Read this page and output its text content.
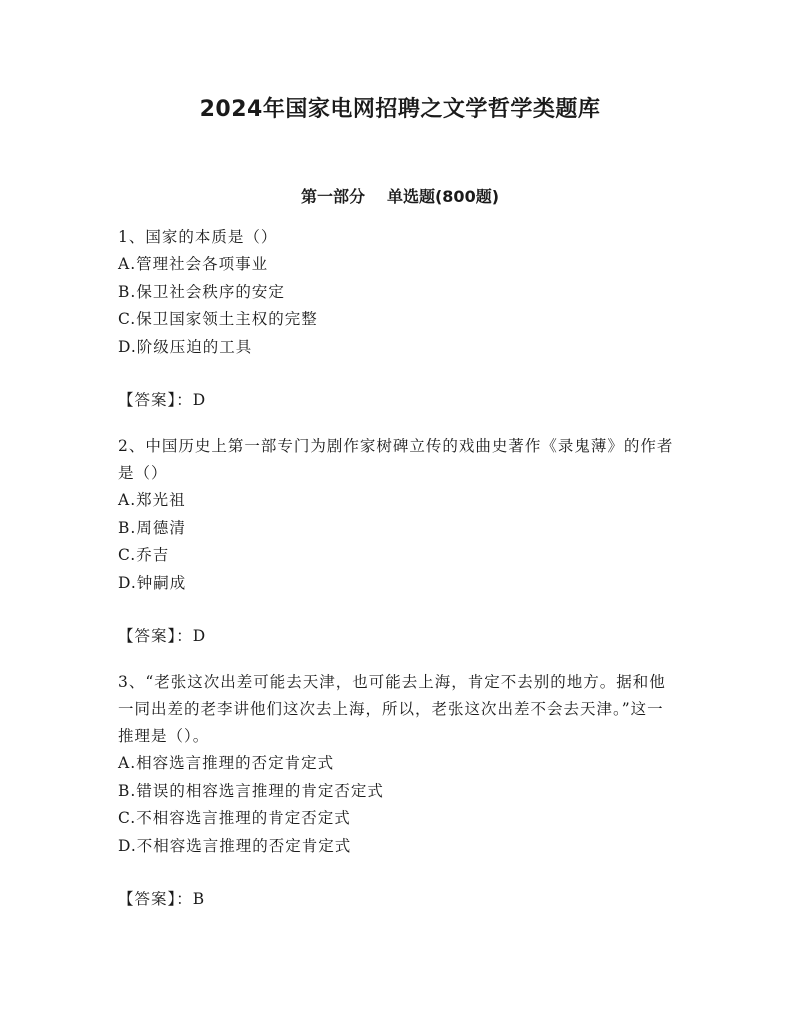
2024年国家电网招聘之文学哲学类题库
第一部分 单选题(800题)

1、国家的本质是（）

A.管理社会各项事业

B.保卫社会秩序的安定

C.保卫国家领土主权的完整

D.阶级压迫的工具

【答案】：D

2、中国历史上第一部专门为剧作家树碑立传的戏曲史著作《录鬼薄》的作者是（）

A.郑光祖

B.周德清

C.乔吉

D.钟嗣成

【答案】：D

3、“老张这次出差可能去天津，也可能去上海，肯定不去别的地方。据和他一同出差的老李讲他们这次去上海，所以，老张这次出差不会去天津。”这一推理是（）。

A.相容选言推理的否定肯定式

B.错误的相容选言推理的肯定否定式

C.不相容选言推理的肯定否定式

D.不相容选言推理的否定肯定式

【答案】：B
